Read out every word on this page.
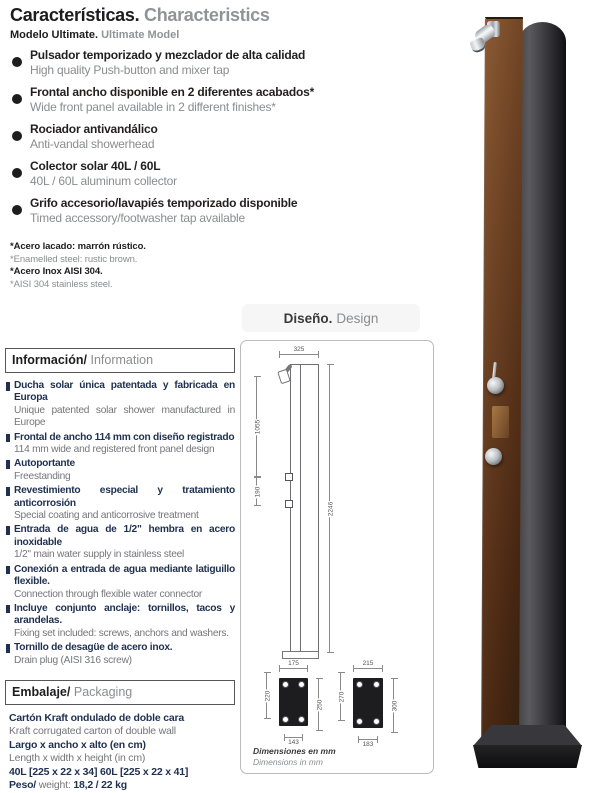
Características. Characteristics
Modelo Ultimate. Ultimate Model
Pulsador temporizado y mezclador de alta calidad
High quality Push-button and mixer tap
Frontal ancho disponible en 2 diferentes acabados*
Wide front panel available in 2 different finishes*
Rociador antivandálico
Anti-vandal showerhead
Colector solar 40L / 60L
40L / 60L aluminum collector
Grifo accesorio/lavapiés temporizado disponible
Timed accessory/footwasher tap available
*Acero lacado: marrón rústico.
*Enamelled steel: rustic brown.
*Acero Inox AISI 304.
*AISI 304 stainless steel.
Diseño. Design
Información/ Information
Ducha solar única patentada y fabricada en Europa
Unique patented solar shower manufactured in Europe
Frontal de ancho 114 mm con diseño registrado
114 mm wide and registered front panel design
Autoportante
Freestanding
Revestimiento especial y tratamiento anticorrosión
Special coating and anticorrosive treatment
Entrada de agua de 1/2" hembra en acero inoxidable
1/2" main water supply in stainless steel
Conexión a entrada de agua mediante latiguillo flexible.
Connection through flexible water connector
Incluye conjunto anclaje: tornillos, tacos y arandelas.
Fixing set included: screws, anchors and washers.
Tornillo de desagüe de acero inox.
Drain plug (AISI 316 screw)
Embalaje/ Packaging
Cartón Kraft ondulado de doble cara
Kraft corrugated carton of double wall
Largo x ancho x alto (en cm)
Length x width x height (in cm)
40L [225 x 22 x 34] 60L [225 x 22 x 41]
Peso/ weight: 18,2 / 22 kg
325
1055
190
2246
175
220
250
143
215
270
300
183
Dimensiones en mm
Dimensions in mm
